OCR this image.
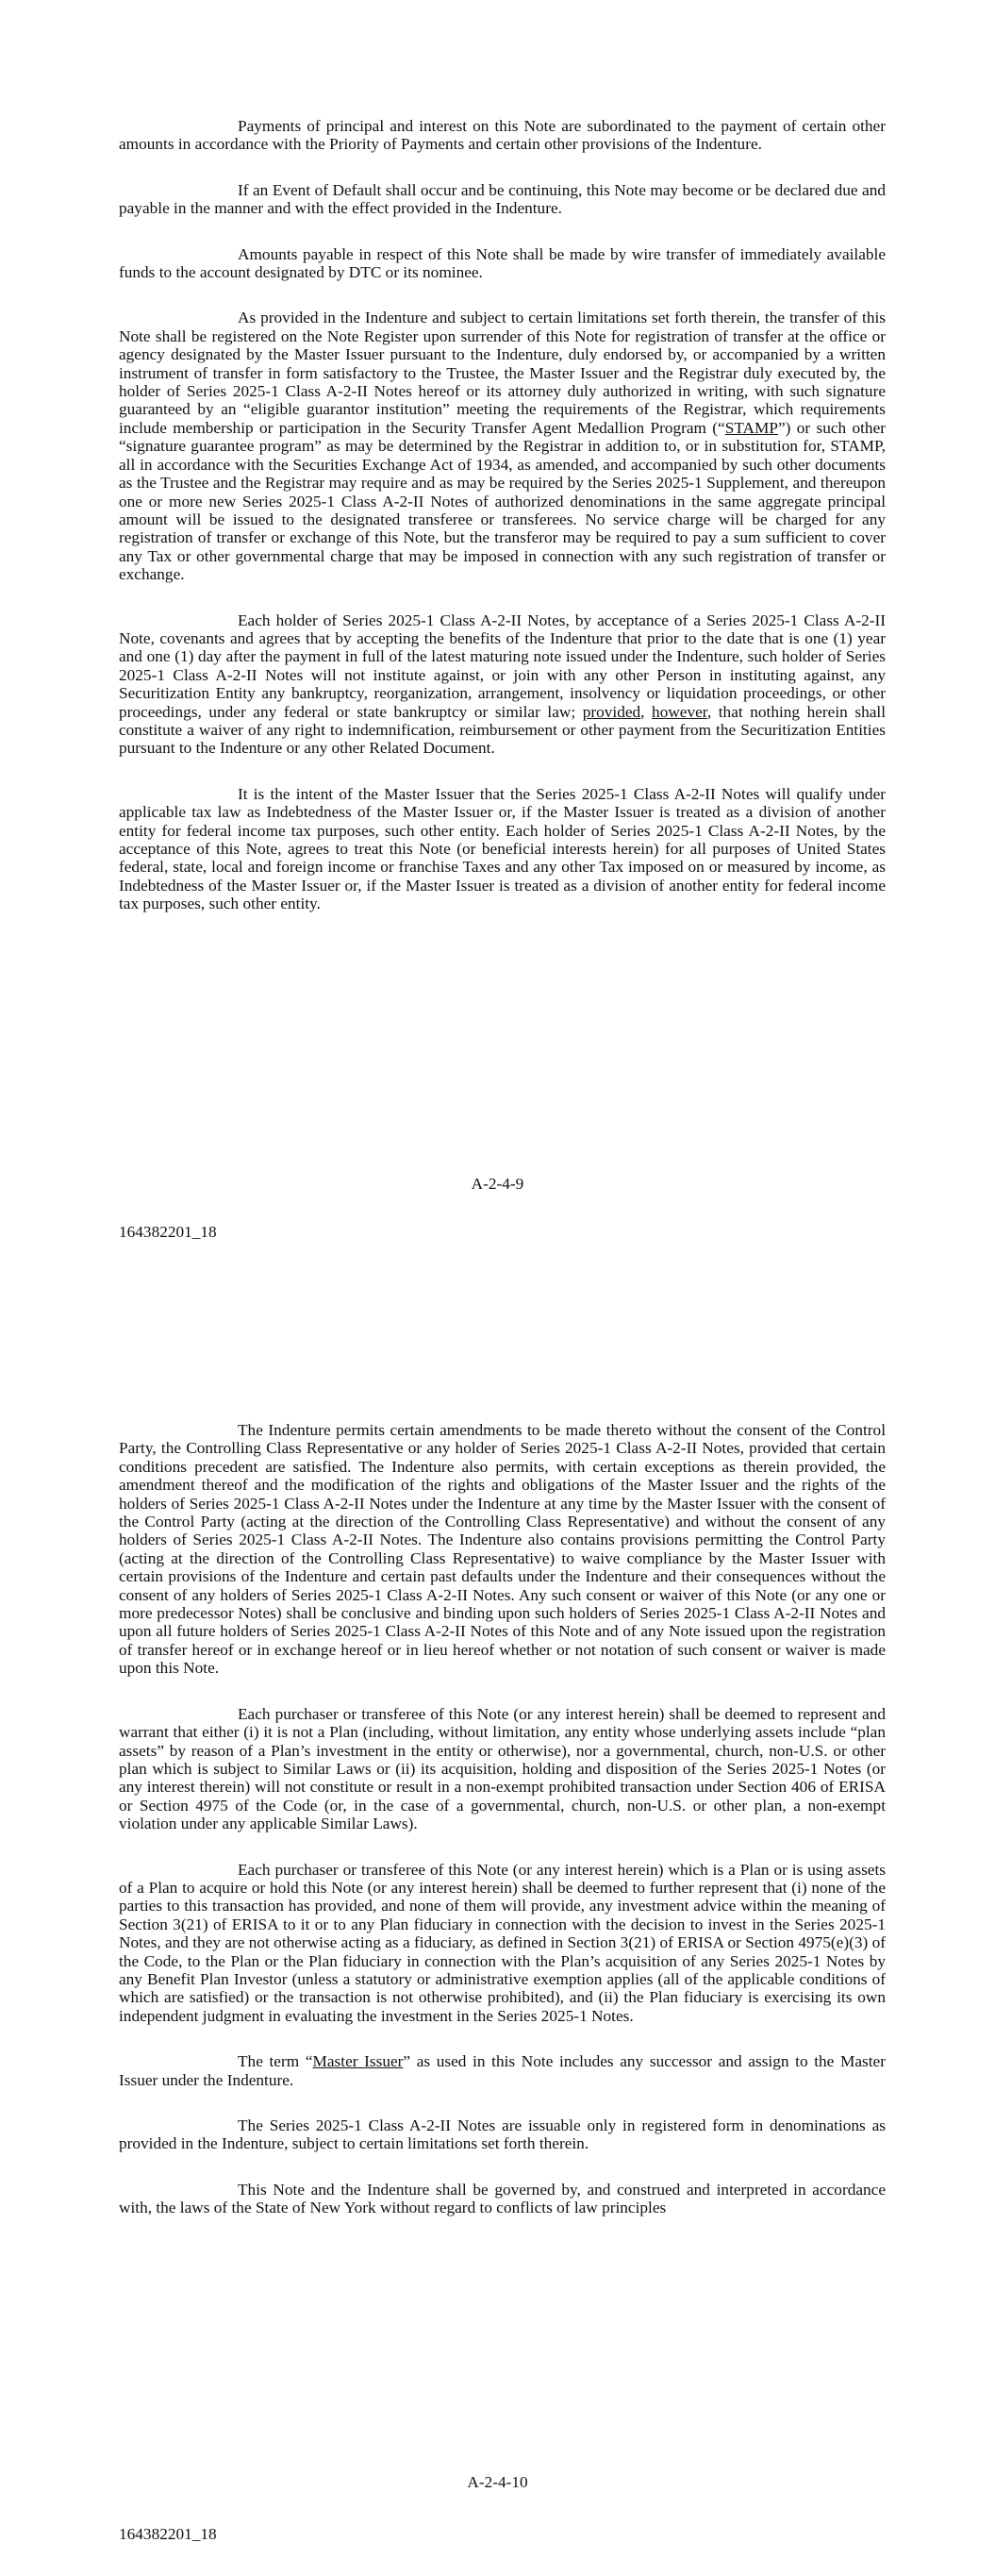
Payments of principal and interest on this Note are subordinated to the payment of certain other amounts in accordance with the Priority of Payments and certain other provisions of the Indenture.

If an Event of Default shall occur and be continuing, this Note may become or be declared due and payable in the manner and with the effect provided in the Indenture.

Amounts payable in respect of this Note shall be made by wire transfer of immediately available funds to the account designated by DTC or its nominee.

As provided in the Indenture and subject to certain limitations set forth therein, the transfer of this Note shall be registered on the Note Register upon surrender of this Note for registration of transfer at the office or agency designated by the Master Issuer pursuant to the Indenture, duly endorsed by, or accompanied by a written instrument of transfer in form satisfactory to the Trustee, the Master Issuer and the Registrar duly executed by, the holder of Series 2025-1 Class A-2-II Notes hereof or its attorney duly authorized in writing, with such signature guaranteed by an “eligible guarantor institution” meeting the requirements of the Registrar, which requirements include membership or participation in the Security Transfer Agent Medallion Program (“STAMP”) or such other “signature guarantee program” as may be determined by the Registrar in addition to, or in substitution for, STAMP, all in accordance with the Securities Exchange Act of 1934, as amended, and accompanied by such other documents as the Trustee and the Registrar may require and as may be required by the Series 2025-1 Supplement, and thereupon one or more new Series 2025-1 Class A-2-II Notes of authorized denominations in the same aggregate principal amount will be issued to the designated transferee or transferees. No service charge will be charged for any registration of transfer or exchange of this Note, but the transferor may be required to pay a sum sufficient to cover any Tax or other governmental charge that may be imposed in connection with any such registration of transfer or exchange.

Each holder of Series 2025-1 Class A-2-II Notes, by acceptance of a Series 2025-1 Class A-2-II Note, covenants and agrees that by accepting the benefits of the Indenture that prior to the date that is one (1) year and one (1) day after the payment in full of the latest maturing note issued under the Indenture, such holder of Series 2025-1 Class A-2-II Notes will not institute against, or join with any other Person in instituting against, any Securitization Entity any bankruptcy, reorganization, arrangement, insolvency or liquidation proceedings, or other proceedings, under any federal or state bankruptcy or similar law; provided, however, that nothing herein shall constitute a waiver of any right to indemnification, reimbursement or other payment from the Securitization Entities pursuant to the Indenture or any other Related Document.

It is the intent of the Master Issuer that the Series 2025-1 Class A-2-II Notes will qualify under applicable tax law as Indebtedness of the Master Issuer or, if the Master Issuer is treated as a division of another entity for federal income tax purposes, such other entity. Each holder of Series 2025-1 Class A-2-II Notes, by the acceptance of this Note, agrees to treat this Note (or beneficial interests herein) for all purposes of United States federal, state, local and foreign income or franchise Taxes and any other Tax imposed on or measured by income, as Indebtedness of the Master Issuer or, if the Master Issuer is treated as a division of another entity for federal income tax purposes, such other entity.

A-2-4-9
164382201_18

The Indenture permits certain amendments to be made thereto without the consent of the Control Party, the Controlling Class Representative or any holder of Series 2025-1 Class A-2-II Notes, provided that certain conditions precedent are satisfied. The Indenture also permits, with certain exceptions as therein provided, the amendment thereof and the modification of the rights and obligations of the Master Issuer and the rights of the holders of Series 2025-1 Class A-2-II Notes under the Indenture at any time by the Master Issuer with the consent of the Control Party (acting at the direction of the Controlling Class Representative) and without the consent of any holders of Series 2025-1 Class A-2-II Notes. The Indenture also contains provisions permitting the Control Party (acting at the direction of the Controlling Class Representative) to waive compliance by the Master Issuer with certain provisions of the Indenture and certain past defaults under the Indenture and their consequences without the consent of any holders of Series 2025-1 Class A-2-II Notes. Any such consent or waiver of this Note (or any one or more predecessor Notes) shall be conclusive and binding upon such holders of Series 2025-1 Class A-2-II Notes and upon all future holders of Series 2025-1 Class A-2-II Notes of this Note and of any Note issued upon the registration of transfer hereof or in exchange hereof or in lieu hereof whether or not notation of such consent or waiver is made upon this Note.

Each purchaser or transferee of this Note (or any interest herein) shall be deemed to represent and warrant that either (i) it is not a Plan (including, without limitation, any entity whose underlying assets include “plan assets” by reason of a Plan’s investment in the entity or otherwise), nor a governmental, church, non-U.S. or other plan which is subject to Similar Laws or (ii) its acquisition, holding and disposition of the Series 2025-1 Notes (or any interest therein) will not constitute or result in a non-exempt prohibited transaction under Section 406 of ERISA or Section 4975 of the Code (or, in the case of a governmental, church, non-U.S. or other plan, a non-exempt violation under any applicable Similar Laws).

Each purchaser or transferee of this Note (or any interest herein) which is a Plan or is using assets of a Plan to acquire or hold this Note (or any interest herein) shall be deemed to further represent that (i) none of the parties to this transaction has provided, and none of them will provide, any investment advice within the meaning of Section 3(21) of ERISA to it or to any Plan fiduciary in connection with the decision to invest in the Series 2025-1 Notes, and they are not otherwise acting as a fiduciary, as defined in Section 3(21) of ERISA or Section 4975(e)(3) of the Code, to the Plan or the Plan fiduciary in connection with the Plan’s acquisition of any Series 2025-1 Notes by any Benefit Plan Investor (unless a statutory or administrative exemption applies (all of the applicable conditions of which are satisfied) or the transaction is not otherwise prohibited), and (ii) the Plan fiduciary is exercising its own independent judgment in evaluating the investment in the Series 2025-1 Notes.

The term “Master Issuer” as used in this Note includes any successor and assign to the Master Issuer under the Indenture.

The Series 2025-1 Class A-2-II Notes are issuable only in registered form in denominations as provided in the Indenture, subject to certain limitations set forth therein.

This Note and the Indenture shall be governed by, and construed and interpreted in accordance with, the laws of the State of New York without regard to conflicts of law principles

A-2-4-10
164382201_18
